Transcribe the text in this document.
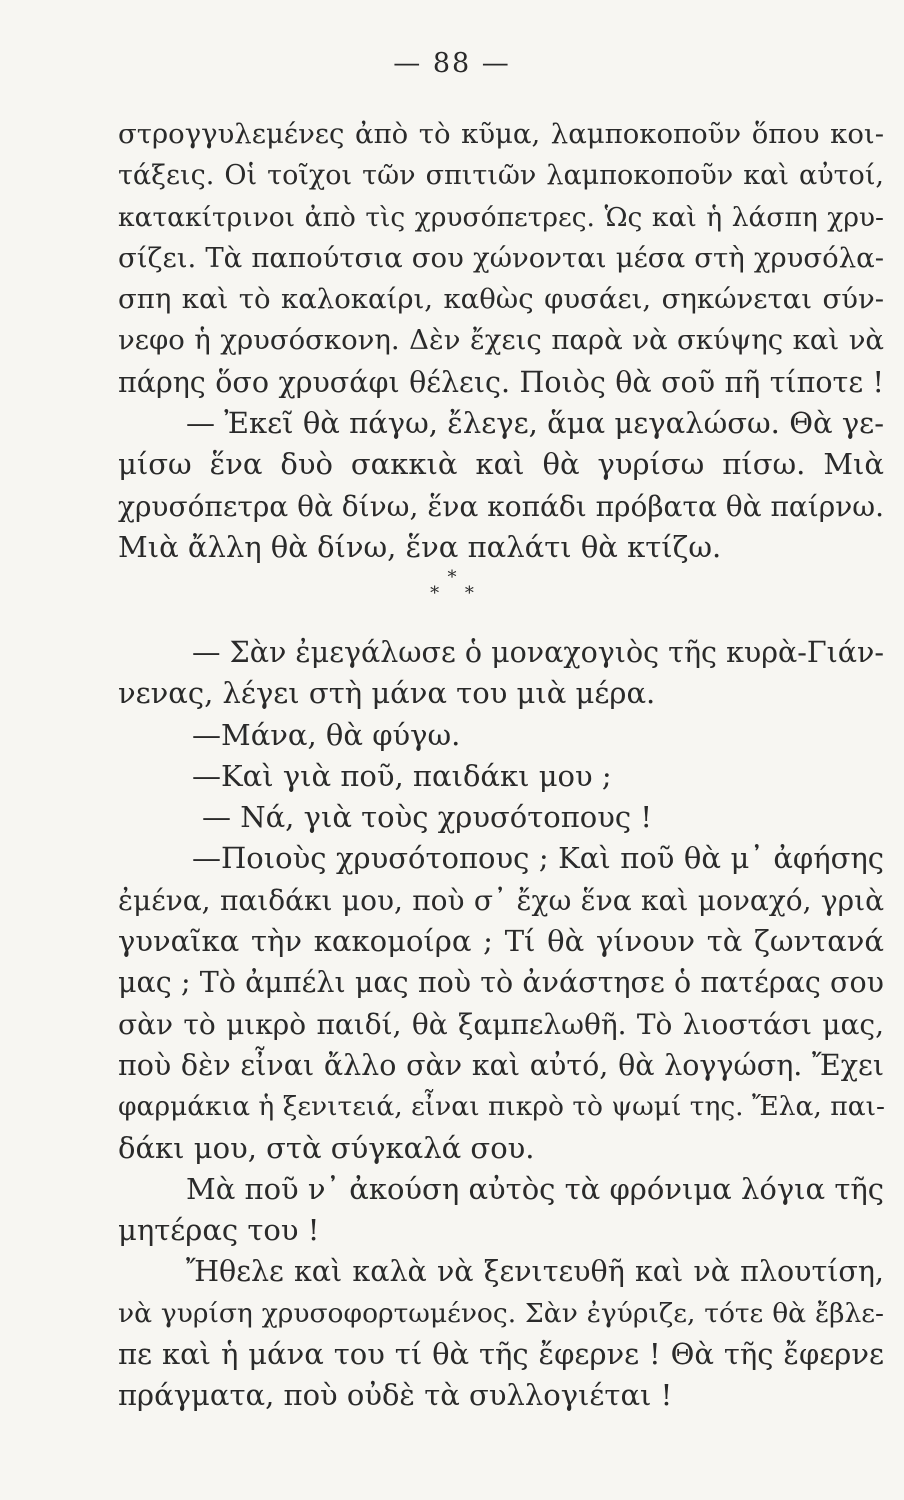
— 88 —
στρογγυλεμένες ἀπὸ τὸ κῦμα, λαμποκοποῦν ὅπου κοι-
τάξεις. Οἱ τοῖχοι τῶν σπιτιῶν λαμποκοποῦν καὶ αὐτοί,
κατακίτρινοι ἀπὸ τὶς χρυσόπετρες. Ὡς καὶ ἡ λάσπη χρυ-
σίζει. Τὰ παπούτσια σου χώνονται μέσα στὴ χρυσόλα-
σπη καὶ τὸ καλοκαίρι, καθὼς φυσάει, σηκώνεται σύν-
νεφο ἡ χρυσόσκονη. Δὲν ἔχεις παρὰ νὰ σκύψης καὶ νὰ
πάρης ὅσο χρυσάφι θέλεις. Ποιὸς θὰ σοῦ πῆ τίποτε !
— Ἐκεῖ θὰ πάγω, ἔλεγε, ἅμα μεγαλώσω. Θὰ γε-
μίσω ἕνα δυὸ σακκιὰ καὶ θὰ γυρίσω πίσω. Μιὰ
χρυσόπετρα θὰ δίνω, ἕνα κοπάδι πρόβατα θὰ παίρνω.
Μιὰ ἄλλη θὰ δίνω, ἕνα παλάτι θὰ κτίζω.
*
* *
— Σὰν ἐμεγάλωσε ὁ μοναχογιὸς τῆς κυρὰ-Γιάν-
νενας, λέγει στὴ μάνα του μιὰ μέρα.
—Μάνα, θὰ φύγω.
—Καὶ γιὰ ποῦ, παιδάκι μου ;
— Νά, γιὰ τοὺς χρυσότοπους !
—Ποιοὺς χρυσότοπους ; Καὶ ποῦ θὰ μ᾽ ἀφήσης
ἐμένα, παιδάκι μου, ποὺ σ᾽ ἔχω ἕνα καὶ μοναχό, γριὰ
γυναῖκα τὴν κακομοίρα ; Τί θὰ γίνουν τὰ ζωντανά
μας ; Τὸ ἀμπέλι μας ποὺ τὸ ἀνάστησε ὁ πατέρας σου
σὰν τὸ μικρὸ παιδί, θὰ ξαμπελωθῆ. Τὸ λιοστάσι μας,
ποὺ δὲν εἶναι ἄλλο σὰν καὶ αὐτό, θὰ λογγώση. Ἔχει
φαρμάκια ἡ ξενιτειά, εἶναι πικρὸ τὸ ψωμί της. Ἔλα, παι-
δάκι μου, στὰ σύγκαλά σου.
Μὰ ποῦ ν᾽ ἀκούση αὐτὸς τὰ φρόνιμα λόγια τῆς
μητέρας του !
Ἤθελε καὶ καλὰ νὰ ξενιτευθῆ καὶ νὰ πλουτίση,
νὰ γυρίση χρυσοφορτωμένος. Σὰν ἐγύριζε, τότε θὰ ἔβλε-
πε καὶ ἡ μάνα του τί θὰ τῆς ἔφερνε ! Θὰ τῆς ἔφερνε
πράγματα, ποὺ οὐδὲ τὰ συλλογιέται !
